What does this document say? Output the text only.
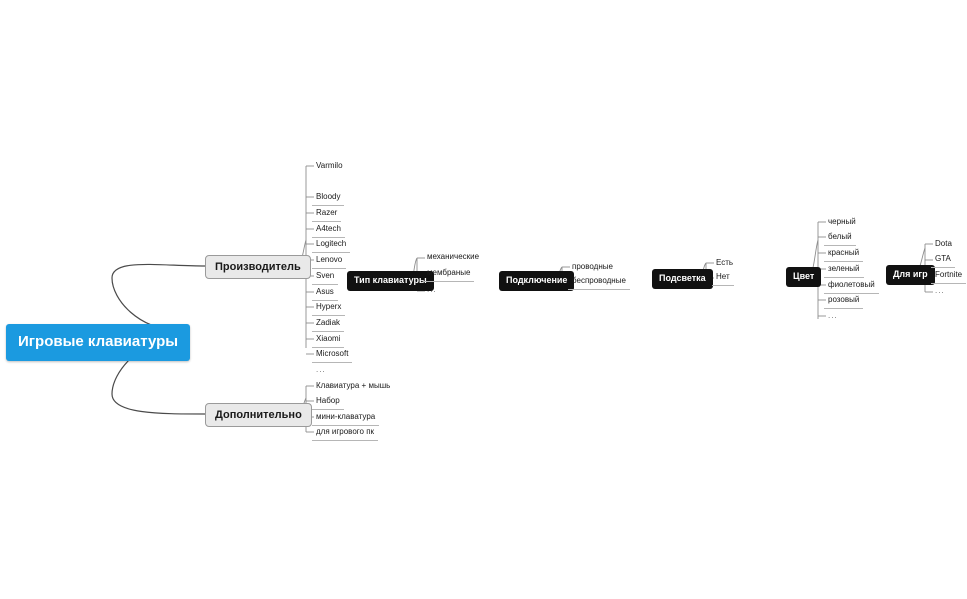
Игровые клавиатуры
Производитель
Varmilo
Bloody
Razer
A4tech
Logitech
Lenovo
Sven
Asus
Hyperx
Zadiak
Xiaomi
Microsoft
...
Дополнительно
Клавиатура + мышь
Набор
мини-клаватура
для игрового пк
Тип клавиатуры
механические
мембраные
...
Подключение
проводные
беспроводные	Подсветка
Есть
Нет	Цвет
черный
белый
красный
зеленый
фиолетовый
розовый
...
Для игр
Dota
GTA
Fortnite
...
